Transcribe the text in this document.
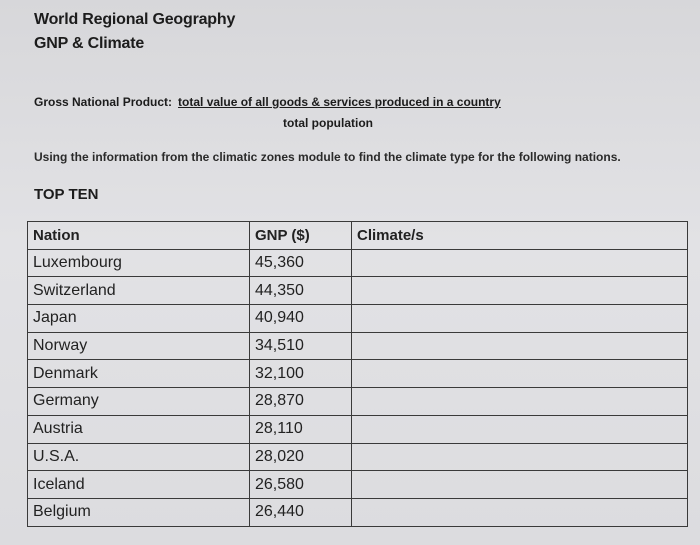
World Regional Geography
GNP & Climate
Gross National Product: total value of all goods & services produced in a country
total population
Using the information from the climatic zones module to find the climate type for the following nations.
TOP TEN
Nation	GNP ($)	Climate/s
Luxembourg	45,360	
Switzerland	44,350	
Japan	40,940	
Norway	34,510	
Denmark	32,100	
Germany	28,870	
Austria	28,110	
U.S.A.	28,020	
Iceland	26,580	
Belgium	26,440	
